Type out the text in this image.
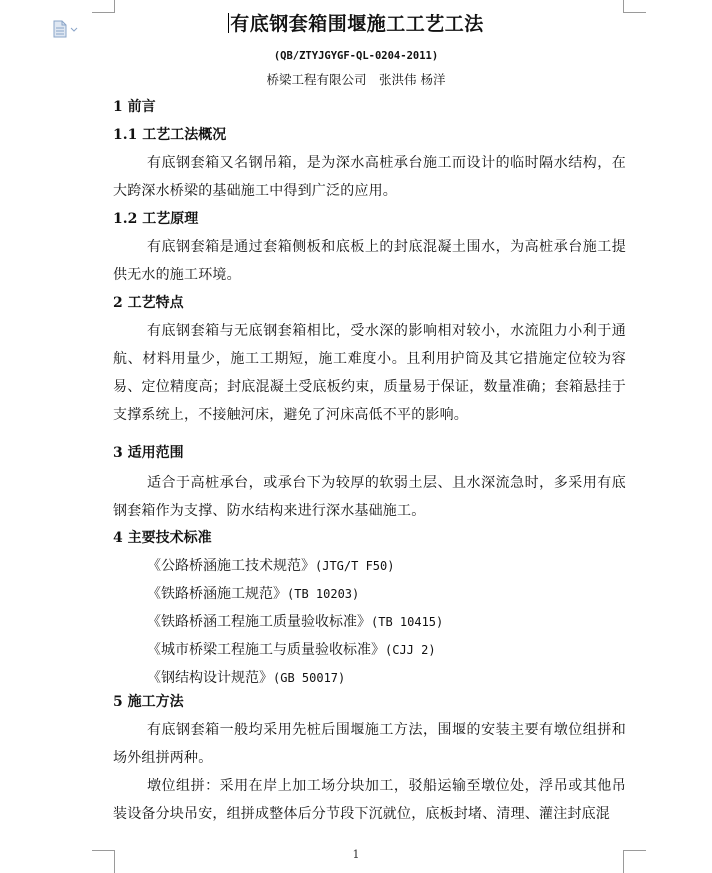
有底钢套箱围堰施工工艺工法
(QB/ZTYJGYGF-QL-0204-2011)
桥梁工程有限公司　张洪伟 杨洋
1 前言
1.1 工艺工法概况
有底钢套箱又名钢吊箱，是为深水高桩承台施工而设计的临时隔水结构，在大跨深水桥梁的基础施工中得到广泛的应用。
1.2 工艺原理
有底钢套箱是通过套箱侧板和底板上的封底混凝土围水，为高桩承台施工提供无水的施工环境。
2 工艺特点
有底钢套箱与无底钢套箱相比，受水深的影响相对较小，水流阻力小利于通航、材料用量少，施工工期短，施工难度小。且利用护筒及其它措施定位较为容易、定位精度高；封底混凝土受底板约束，质量易于保证，数量准确；套箱悬挂于支撑系统上，不接触河床，避免了河床高低不平的影响。
3 适用范围
适合于高桩承台，或承台下为较厚的软弱土层、且水深流急时，多采用有底钢套箱作为支撑、防水结构来进行深水基础施工。
4 主要技术标准
《公路桥涵施工技术规范》(JTG/T F50)
《铁路桥涵施工规范》(TB 10203)
《铁路桥涵工程施工质量验收标准》(TB 10415)
《城市桥梁工程施工与质量验收标准》(CJJ 2)
《钢结构设计规范》(GB 50017)
5 施工方法
有底钢套箱一般均采用先桩后围堰施工方法，围堰的安装主要有墩位组拼和场外组拼两种。
墩位组拼：采用在岸上加工场分块加工，驳船运输至墩位处，浮吊或其他吊装设备分块吊安，组拼成整体后分节段下沉就位，底板封堵、清理、灌注封底混
1
